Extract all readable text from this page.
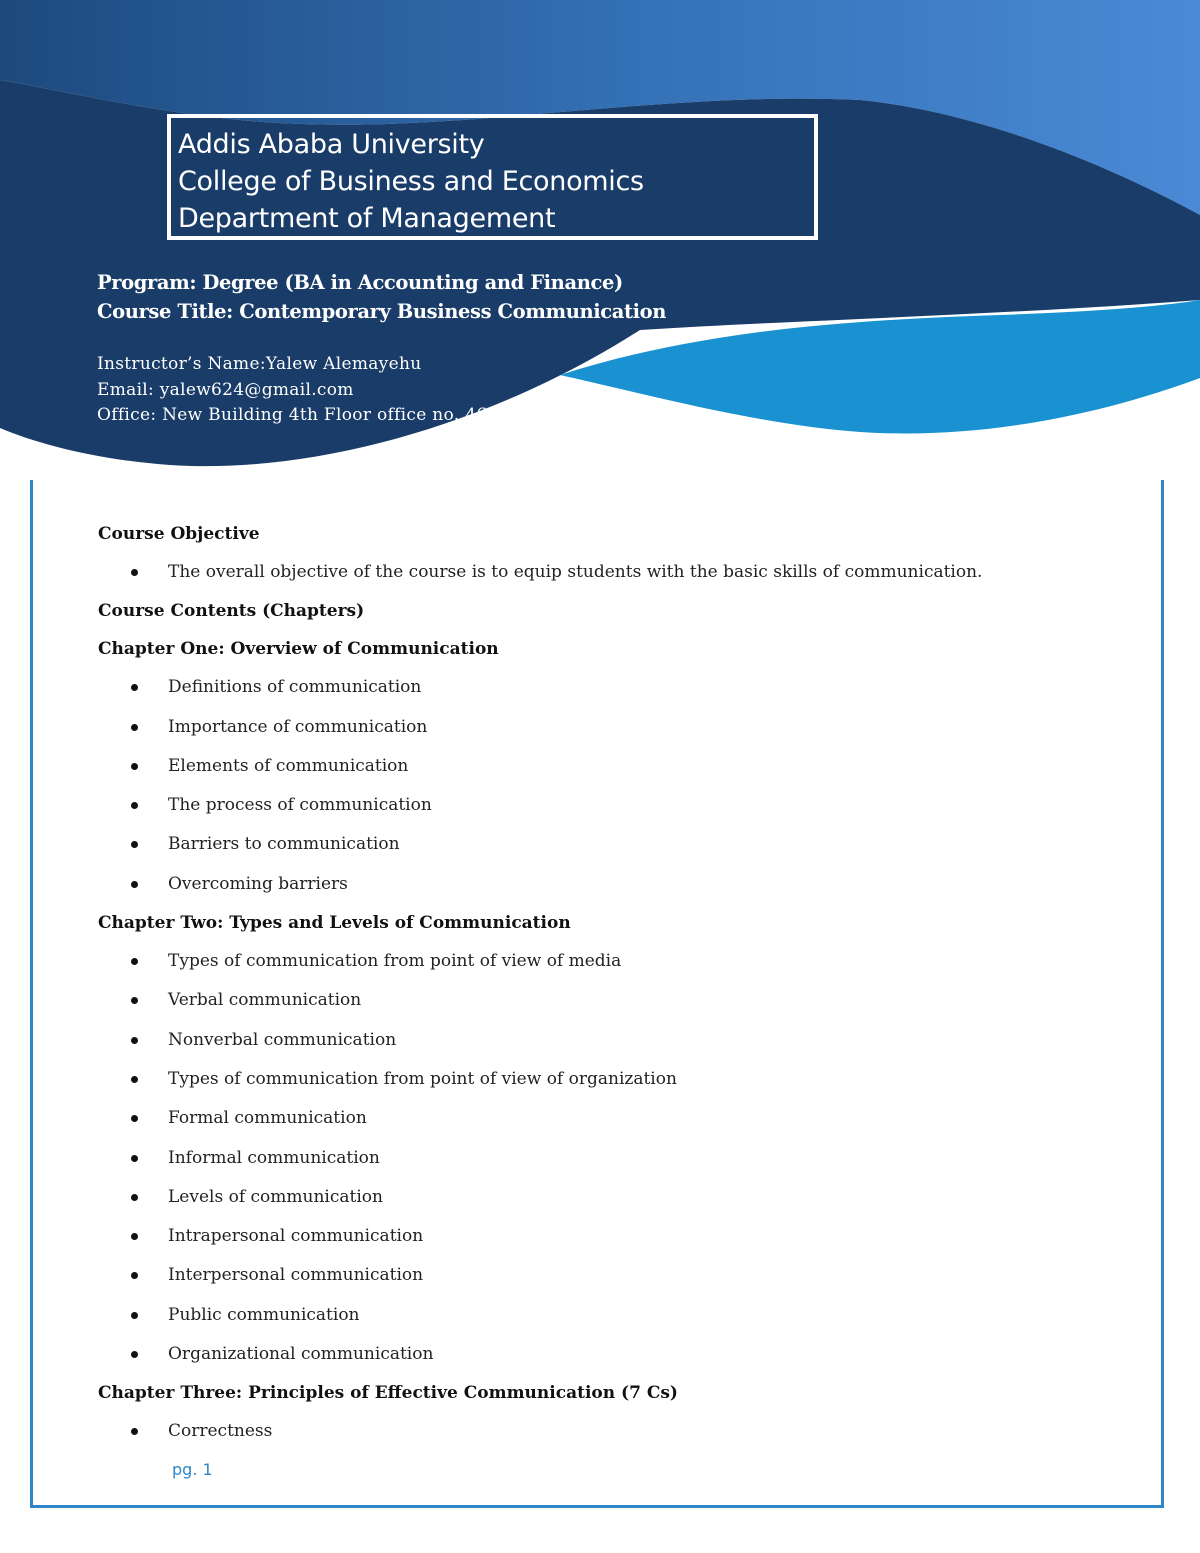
Addis Ababa University
College of Business and Economics
Department of Management
Program: Degree (BA in Accounting and Finance)
Course Title: Contemporary Business Communication
Instructor’s Name:Yalew Alemayehu
Email: yalew624@gmail.com
Office: New Building 4th Floor office no. 46
Course Objective
The overall objective of the course is to equip students with the basic skills of communication.
Course Contents (Chapters)
Chapter One: Overview of Communication
Definitions of communication
Importance of communication
Elements of communication
The process of communication
Barriers to communication
Overcoming barriers
Chapter Two: Types and Levels of Communication
Types of communication from point of view of media
Verbal communication
Nonverbal communication
Types of communication from point of view of organization
Formal communication
Informal communication
Levels of communication
Intrapersonal communication
Interpersonal communication
Public communication
Organizational communication
Chapter Three: Principles of Effective Communication (7 Cs)
Correctness
pg. 1
